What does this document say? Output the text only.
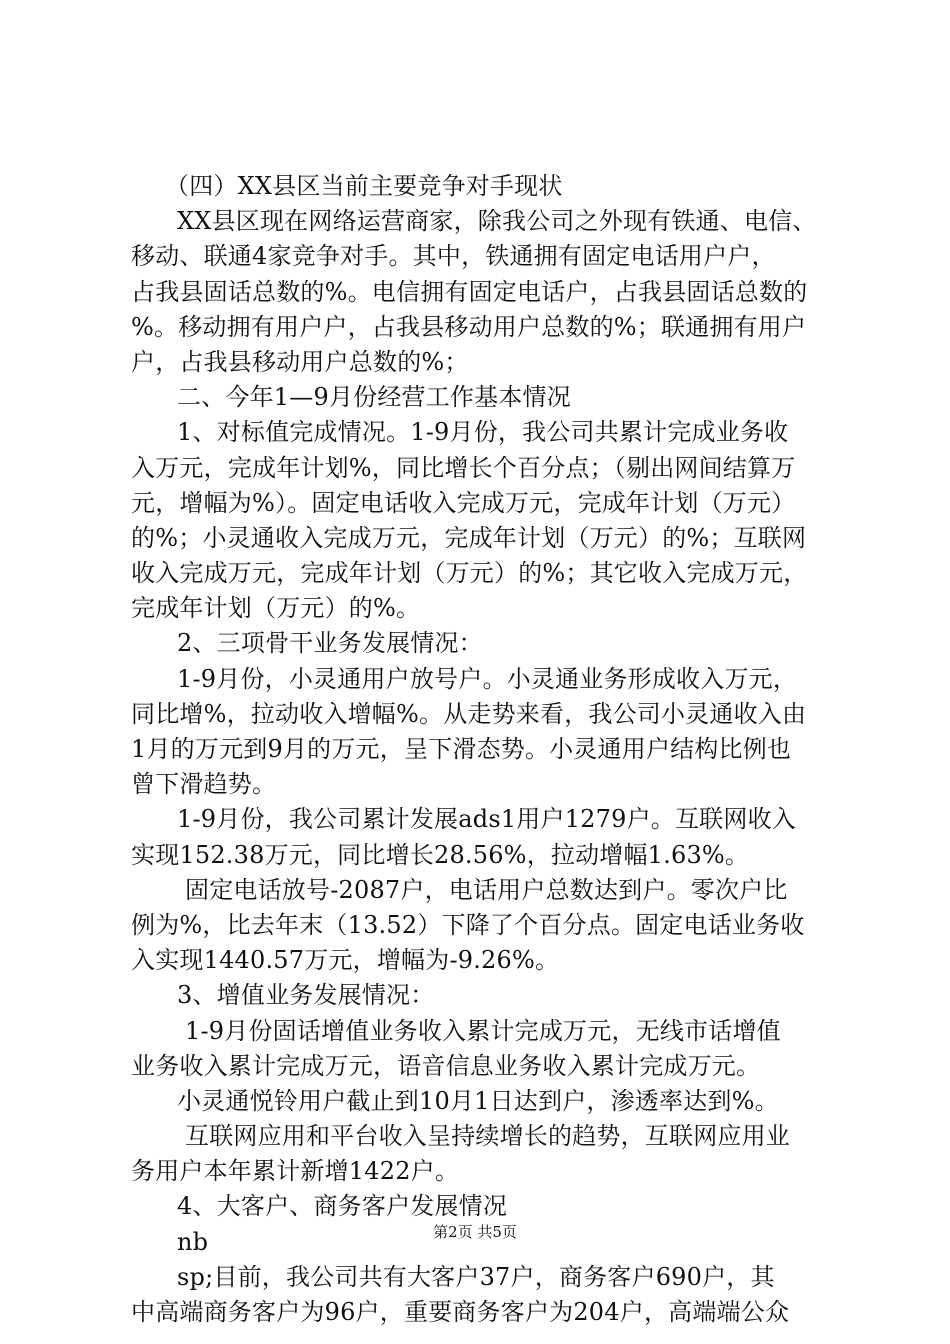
（四）XX县区当前主要竞争对手现状
XX县区现在网络运营商家，除我公司之外现有铁通、电信、
移动、联通4家竞争对手。其中，铁通拥有固定电话用户户，
占我县固话总数的%。电信拥有固定电话户，占我县固话总数的
%。移动拥有用户户，占我县移动用户总数的%；联通拥有用户
户，占我县移动用户总数的%；
二、今年1—9月份经营工作基本情况
1、对标值完成情况。1-9月份，我公司共累计完成业务收
入万元，完成年计划%，同比增长个百分点；（剔出网间结算万
元，增幅为%）。固定电话收入完成万元，完成年计划（万元）
的%；小灵通收入完成万元，完成年计划（万元）的%；互联网
收入完成万元，完成年计划（万元）的%；其它收入完成万元，
完成年计划（万元）的%。
2、三项骨干业务发展情况：
1-9月份，小灵通用户放号户。小灵通业务形成收入万元，
同比增%，拉动收入增幅%。从走势来看，我公司小灵通收入由
1月的万元到9月的万元，呈下滑态势。小灵通用户结构比例也
曾下滑趋势。
1-9月份，我公司累计发展ads1用户1279户。互联网收入
实现152.38万元，同比增长28.56%，拉动增幅1.63%。
固定电话放号-2087户，电话用户总数达到户。零次户比
例为%，比去年末（13.52）下降了个百分点。固定电话业务收
入实现1440.57万元，增幅为-9.26%。
3、增值业务发展情况：
1-9月份固话增值业务收入累计完成万元，无线市话增值
业务收入累计完成万元，语音信息业务收入累计完成万元。
小灵通悦铃用户截止到10月1日达到户，渗透率达到%。
互联网应用和平台收入呈持续增长的趋势，互联网应用业
务用户本年累计新增1422户。
4、大客户、商务客户发展情况
nb
sp;目前，我公司共有大客户37户，商务客户690户，其
中高端商务客户为96户，重要商务客户为204户，高端端公众
第2页 共5页
